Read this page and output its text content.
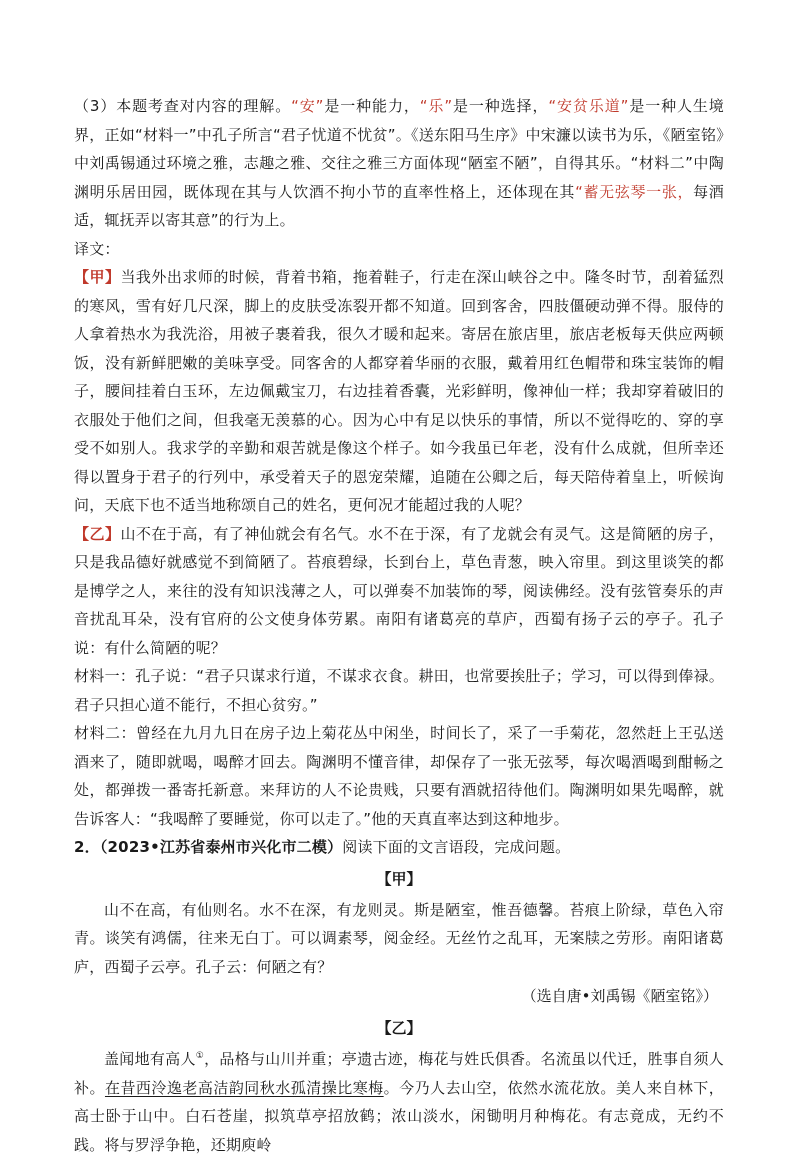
（3）本题考查对内容的理解。“安”是一种能力，“乐”是一种选择，“安贫乐道”是一种人生境界，正如“材料一”中孔子所言“君子忧道不忧贫”。《送东阳马生序》中宋濂以读书为乐，《陋室铭》中刘禹锡通过环境之雅，志趣之雅、交往之雅三方面体现“陋室不陋”，自得其乐。“材料二”中陶渊明乐居田园，既体现在其与人饮酒不拘小节的直率性格上，还体现在其“蓄无弦琴一张，每酒适，辄抚弄以寄其意”的行为上。

译文：

【甲】当我外出求师的时候，背着书箱，拖着鞋子，行走在深山峡谷之中。隆冬时节，刮着猛烈的寒风，雪有好几尺深，脚上的皮肤受冻裂开都不知道。回到客舍，四肢僵硬动弹不得。服侍的人拿着热水为我洗浴，用被子裹着我，很久才暖和起来。寄居在旅店里，旅店老板每天供应两顿饭，没有新鲜肥嫩的美味享受。同客舍的人都穿着华丽的衣服，戴着用红色帽带和珠宝装饰的帽子，腰间挂着白玉环，左边佩戴宝刀，右边挂着香囊，光彩鲜明，像神仙一样；我却穿着破旧的衣服处于他们之间，但我毫无羡慕的心。因为心中有足以快乐的事情，所以不觉得吃的、穿的享受不如别人。我求学的辛勤和艰苦就是像这个样子。如今我虽已年老，没有什么成就，但所幸还得以置身于君子的行列中，承受着天子的恩宠荣耀，追随在公卿之后，每天陪侍着皇上，听候询问，天底下也不适当地称颂自己的姓名，更何况才能超过我的人呢？

【乙】山不在于高，有了神仙就会有名气。水不在于深，有了龙就会有灵气。这是简陋的房子，只是我品德好就感觉不到简陋了。苔痕碧绿，长到台上，草色青葱，映入帘里。到这里谈笑的都是博学之人，来往的没有知识浅薄之人，可以弹奏不加装饰的琴，阅读佛经。没有弦管奏乐的声音扰乱耳朵，没有官府的公文使身体劳累。南阳有诸葛亮的草庐，西蜀有扬子云的亭子。孔子说：有什么简陋的呢？

材料一：孔子说：“君子只谋求行道，不谋求衣食。耕田，也常要挨肚子；学习，可以得到俸禄。君子只担心道不能行，不担心贫穷。”

材料二：曾经在九月九日在房子边上菊花丛中闲坐，时间长了，采了一手菊花，忽然赶上王弘送酒来了，随即就喝，喝醉才回去。陶渊明不懂音律，却保存了一张无弦琴，每次喝酒喝到酣畅之处，都弹拨一番寄托新意。来拜访的人不论贵贱，只要有酒就招待他们。陶渊明如果先喝醉，就告诉客人：“我喝醉了要睡觉，你可以走了。”他的天真直率达到这种地步。

2．（2023•江苏省泰州市兴化市二模）阅读下面的文言语段，完成问题。

【甲】

山不在高，有仙则名。水不在深，有龙则灵。斯是陋室，惟吾德馨。苔痕上阶绿，草色入帘青。谈笑有鸿儒，往来无白丁。可以调素琴，阅金经。无丝竹之乱耳，无案牍之劳形。南阳诸葛庐，西蜀子云亭。孔子云：何陋之有？

（选自唐•刘禹锡《陋室铭》）

【乙】

盖闻地有高人①，品格与山川并重；亭遗古迹，梅花与姓氏俱香。名流虽以代迁，胜事自须人补。在昔西泠逸老高洁韵同秋水孤清操比寒梅。今乃人去山空，依然水流花放。美人来自林下，高士卧于山中。白石苍崖，拟筑草亭招放鹤；浓山淡水，闲锄明月种梅花。有志竟成，无约不践。将与罗浮争艳，还期庾岭
